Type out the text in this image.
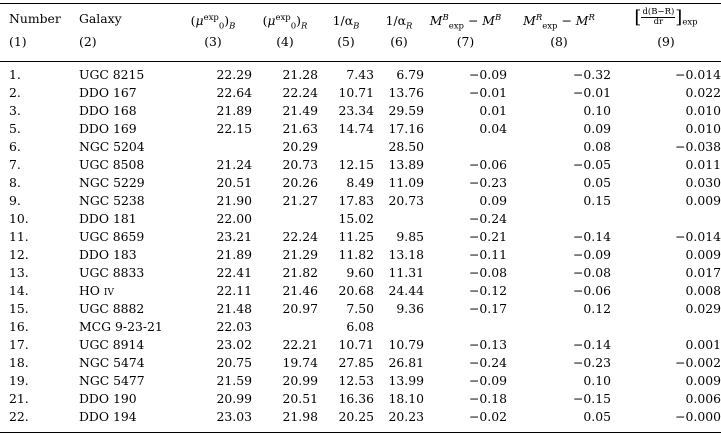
Number	Galaxy	$(\mu^{exp}_0)_B$	$(\mu^{exp}_0)_R$	$1/\alpha_B$	$1/\alpha_R$	$M^B_{exp} - M^B$	$M^R_{exp} - M^R$	[ $\frac{d(B-R)}{dr} ]_{exp}$
(1)	(2)	(3)	(4)	(5)	(6)	(7)	(8)	(9)

1.	UGC 8215	22.29	21.28	7.43	6.79	−0.09	−0.32	−0.014
2.	DDO 167	22.64	22.24	10.71	13.76	−0.01	−0.01	0.022
3.	DDO 168	21.89	21.49	23.34	29.59	0.01	0.10	0.010
5.	DDO 169	22.15	21.63	14.74	17.16	0.04	0.09	0.010
6.	NGC 5204		20.29		28.50		0.08	−0.038
7.	UGC 8508	21.24	20.73	12.15	13.89	−0.06	−0.05	0.011
8.	NGC 5229	20.51	20.26	8.49	11.09	−0.23	0.05	0.030
9.	NGC 5238	21.90	21.27	17.83	20.73	0.09	0.15	0.009
10.	DDO 181	22.00		15.02		−0.24		
11.	UGC 8659	23.21	22.24	11.25	9.85	−0.21	−0.14	−0.014
12.	DDO 183	21.89	21.29	11.82	13.18	−0.11	−0.09	0.009
13.	UGC 8833	22.41	21.82	9.60	11.31	−0.08	−0.08	0.017
14.	HO iv	22.11	21.46	20.68	24.44	−0.12	−0.06	0.008
15.	UGC 8882	21.48	20.97	7.50	9.36	−0.17	0.12	0.029
16.	MCG 9-23-21	22.03		6.08				
17.	UGC 8914	23.02	22.21	10.71	10.79	−0.13	−0.14	0.001
18.	NGC 5474	20.75	19.74	27.85	26.81	−0.24	−0.23	−0.002
19.	NGC 5477	21.59	20.99	12.53	13.99	−0.09	0.10	0.009
21.	DDO 190	20.99	20.51	16.36	18.10	−0.18	−0.15	0.006
22.	DDO 194	23.03	21.98	20.25	20.23	−0.02	0.05	−0.000
